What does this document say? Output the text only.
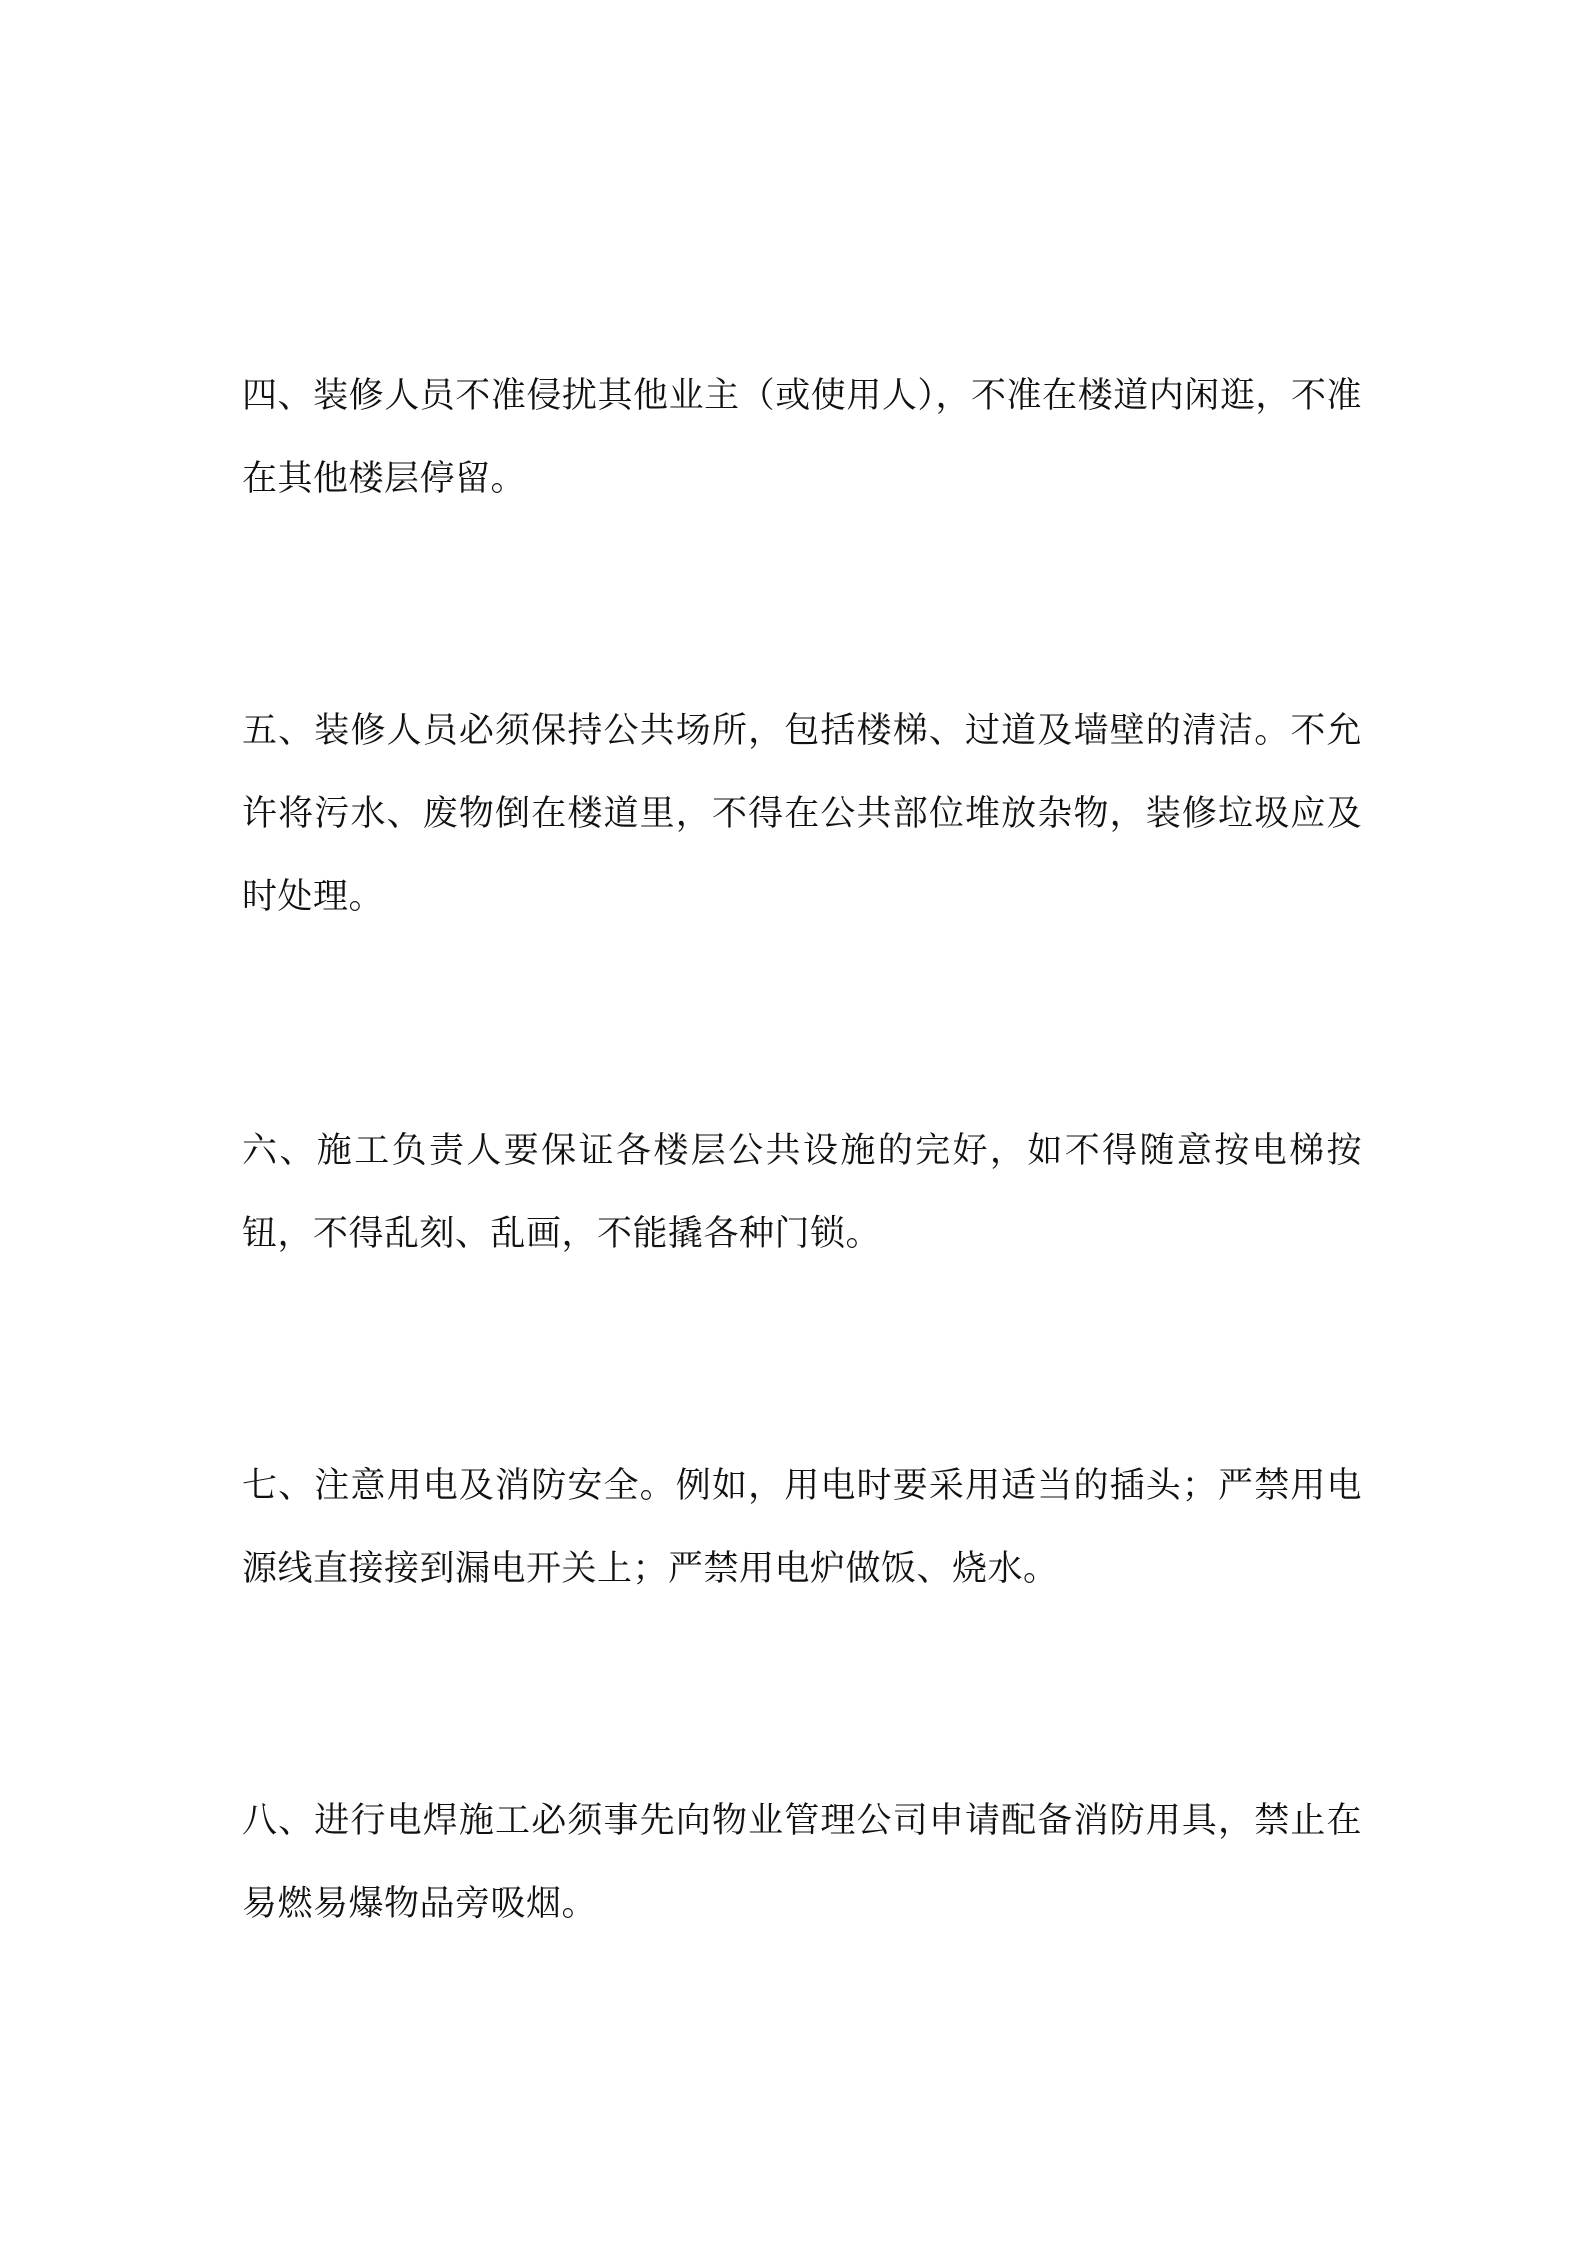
四、装修人员不准侵扰其他业主（或使用人），不准在楼道内闲逛，不准在其他楼层停留。

五、装修人员必须保持公共场所，包括楼梯、过道及墙壁的清洁。不允许将污水、废物倒在楼道里，不得在公共部位堆放杂物，装修垃圾应及时处理。

六、施工负责人要保证各楼层公共设施的完好，如不得随意按电梯按钮，不得乱刻、乱画，不能撬各种门锁。

七、注意用电及消防安全。例如，用电时要采用适当的插头；严禁用电源线直接接到漏电开关上；严禁用电炉做饭、烧水。

八、进行电焊施工必须事先向物业管理公司申请配备消防用具，禁止在易燃易爆物品旁吸烟。
